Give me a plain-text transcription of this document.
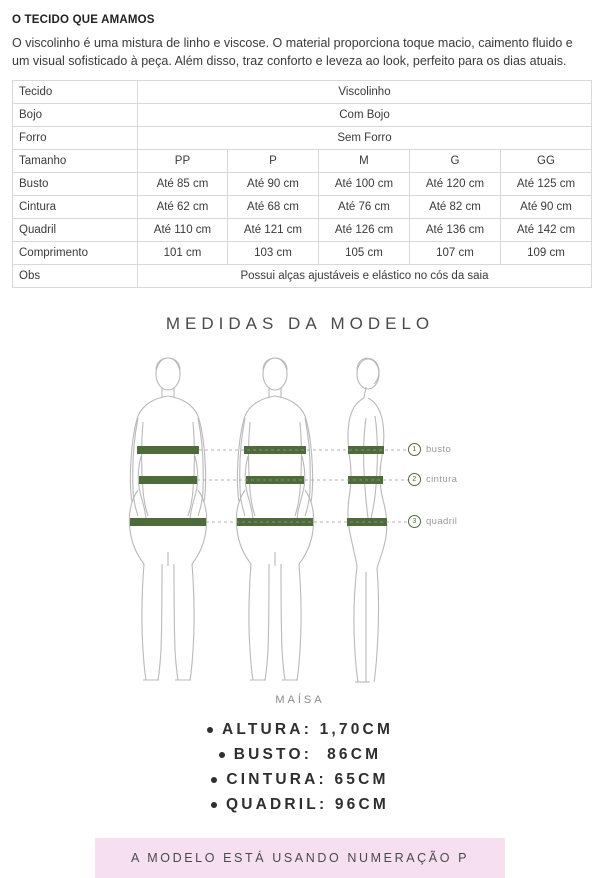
O TECIDO QUE AMAMOS
O viscolinho é uma mistura de linho e viscose. O material proporciona toque macio, caimento fluido e um visual sofisticado à peça. Além disso, traz conforto e leveza ao look, perfeito para os dias atuais.
Tecido	Viscolinho				
Bojo	Com Bojo				
Forro	Sem Forro				
Tamanho	PP	P	M	G	GG
Busto	Até 85 cm	Até 90 cm	Até 100 cm	Até 120 cm	Até 125 cm
Cintura	Até 62 cm	Até 68 cm	Até 76 cm	Até 82 cm	Até 90 cm
Quadril	Até 110 cm	Até 121 cm	Até 126 cm	Até 136 cm	Até 142 cm
Comprimento	101 cm	103 cm	105 cm	107 cm	109 cm
Obs	Possui alças ajustáveis e elástico no cós da saia				
MEDIDAS DA MODELO
1 busto
2 cintura
3 quadril
MAÍSA
ALTURA: 1,70CM
BUSTO: 86CM
CINTURA: 65CM
QUADRIL: 96CM
A MODELO ESTÁ USANDO NUMERAÇÃO P
